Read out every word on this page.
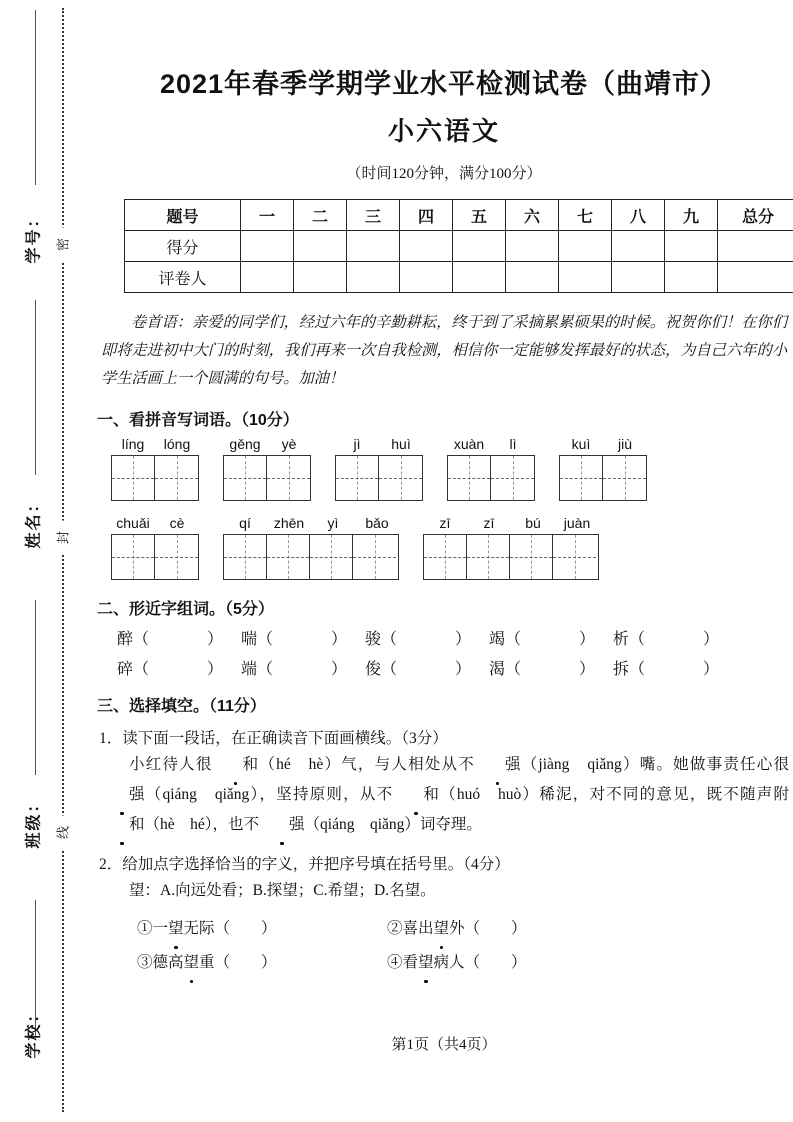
学号：
姓名：
班级：
学校：
密
封
线
2021年春季学期学业水平检测试卷（曲靖市）
小六语文
（时间120分钟，满分100分）
题号	一	二	三	四	五	六	七	八	九	总分
得分										
评卷人										
卷首语：亲爱的同学们，经过六年的辛勤耕耘，终于到了采摘累累硕果的时候。祝贺你们！在你们即将走进初中大门的时刻，我们再来一次自我检测，相信你一定能够发挥最好的状态，为自己六年的小学生活画上一个圆满的句号。加油！
一、看拼音写词语。（10分）
líng	lóng	gěng	yè	jì	huì	xuàn	lì	kuì	jiù
chuǎi	cè	qí	zhēn	yì	bǎo	zī	zī	bú	juàn
二、形近字组词。（5分）
醉（	）	喘（	）	骏（	）	竭（	）	析（	）
碎（	）	端（	）	俊（	）	渴（	）	拆（	）
三、选择填空。（11分）
1．读下面一段话，在正确读音下面画横线。（3分）
小红待人很 和（hé　hè）气，与人相处从不 强（jiàng　qiǎng）嘴。她做事责任心很强（qiáng　qiǎng），坚持原则，从不 和（huó　huò）稀泥，对不同的意见，既不随声附和（hè　hé），也不 强（qiáng　qiǎng）词夺理。
2．给加点字选择恰当的字义，并把序号填在括号里。（4分）
望：A.向远处看；B.探望；C.希望；D.名望。
①一望无际（　　）	②喜出望外（　　）
③德高望重（　　）	④看望病人（　　）
第1页（共4页）
